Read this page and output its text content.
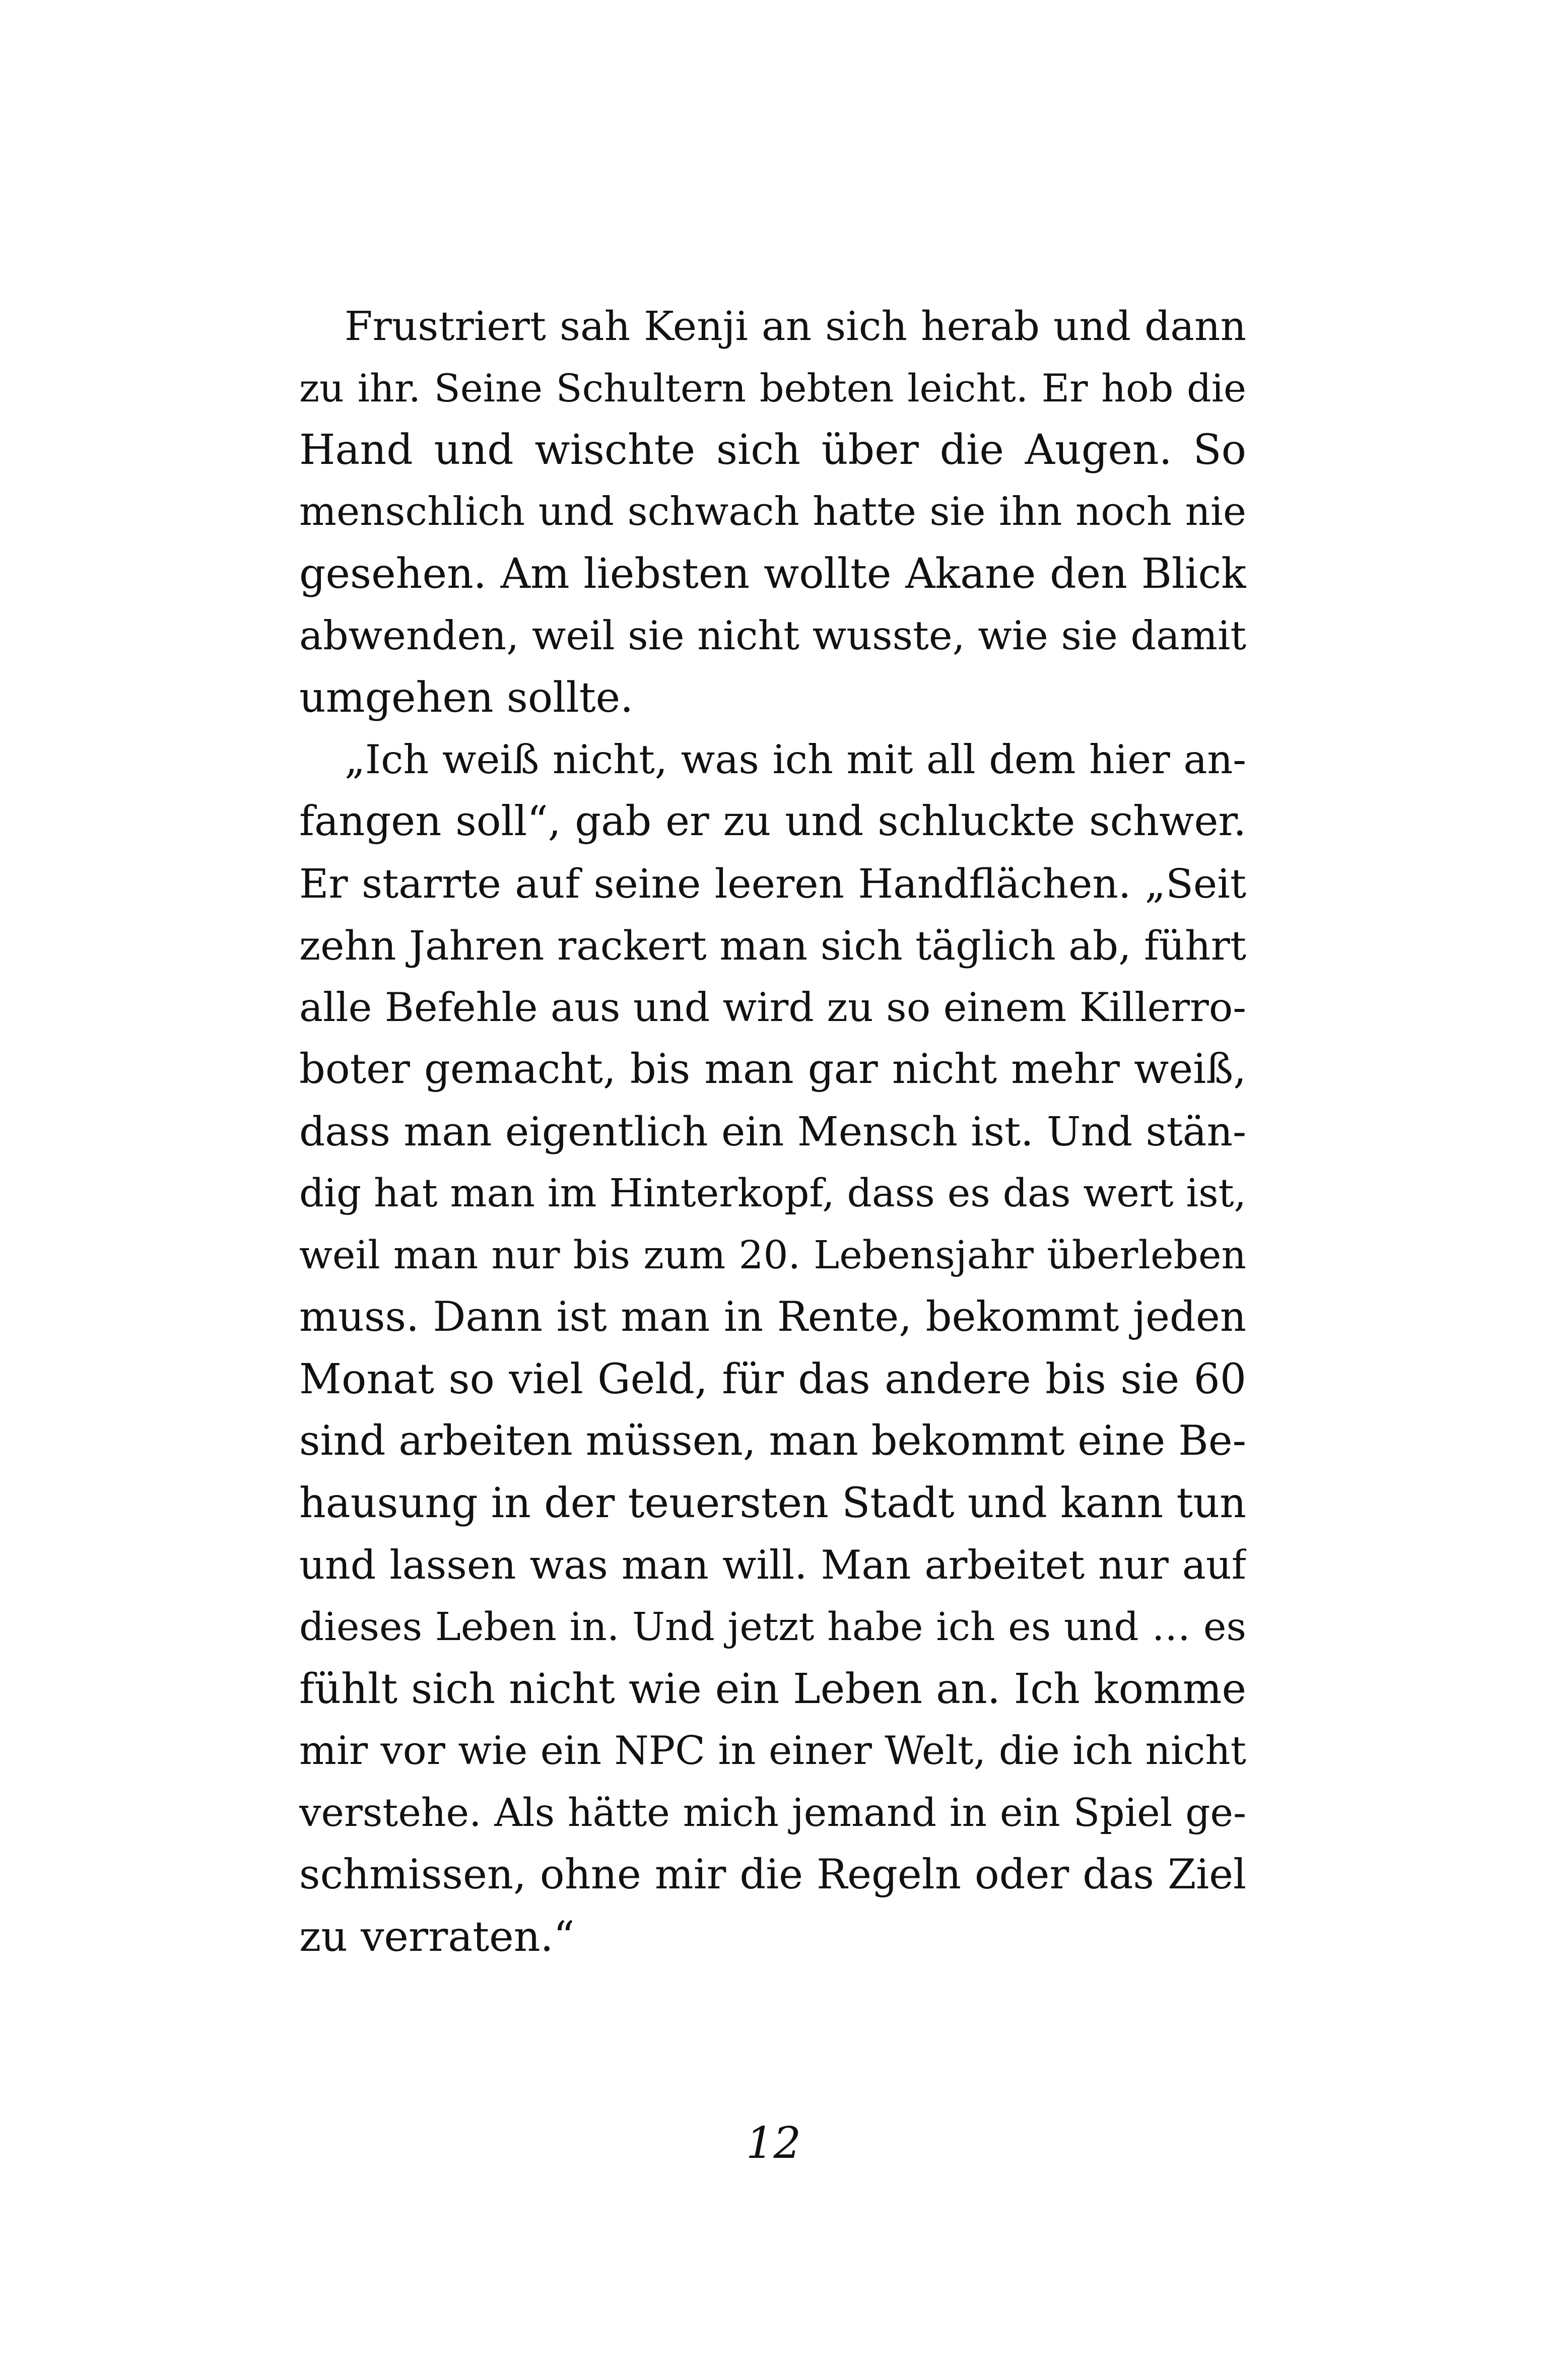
Frustriert sah Kenji an sich herab und dann
zu ihr. Seine Schultern bebten leicht. Er hob die
Hand und wischte sich über die Augen. So
menschlich und schwach hatte sie ihn noch nie
gesehen. Am liebsten wollte Akane den Blick
abwenden, weil sie nicht wusste, wie sie damit
umgehen sollte.
„Ich weiß nicht, was ich mit all dem hier an-
fangen soll“, gab er zu und schluckte schwer.
Er starrte auf seine leeren Handflächen. „Seit
zehn Jahren rackert man sich täglich ab, führt
alle Befehle aus und wird zu so einem Killerro-
boter gemacht, bis man gar nicht mehr weiß,
dass man eigentlich ein Mensch ist. Und stän-
dig hat man im Hinterkopf, dass es das wert ist,
weil man nur bis zum 20. Lebensjahr überleben
muss. Dann ist man in Rente, bekommt jeden
Monat so viel Geld, für das andere bis sie 60
sind arbeiten müssen, man bekommt eine Be-
hausung in der teuersten Stadt und kann tun
und lassen was man will. Man arbeitet nur auf
dieses Leben in. Und jetzt habe ich es und … es
fühlt sich nicht wie ein Leben an. Ich komme
mir vor wie ein NPC in einer Welt, die ich nicht
verstehe. Als hätte mich jemand in ein Spiel ge-
schmissen, ohne mir die Regeln oder das Ziel
zu verraten.“
12
